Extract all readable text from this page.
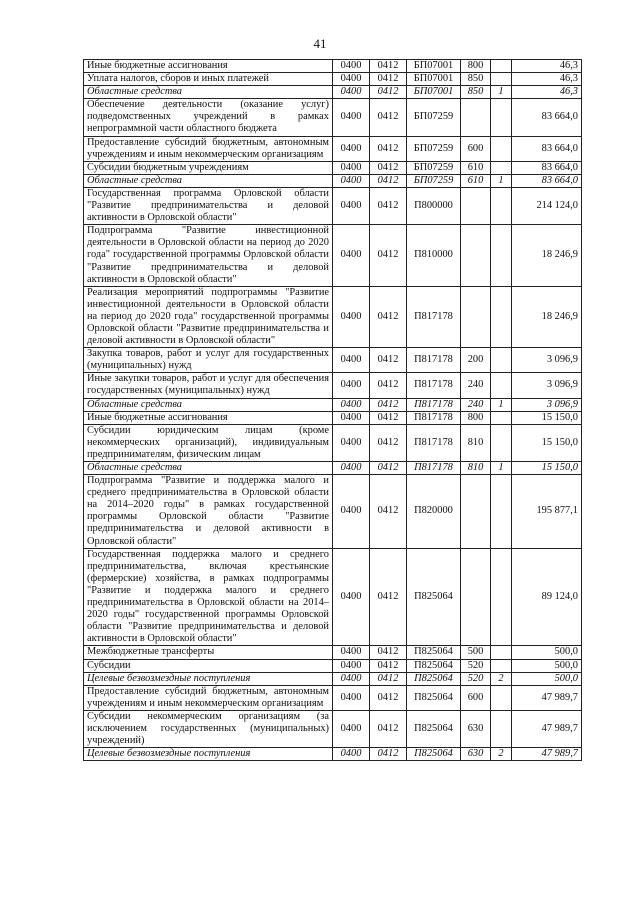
41
Иные бюджетные ассигнования	0400	0412	БП07001	800		46,3
Уплата налогов, сборов и иных платежей	0400	0412	БП07001	850		46,3
Областные средства	0400	0412	БП07001	850	1	46,3
Обеспечение деятельности (оказание услуг) подведомственных учреждений в рамках непрограммной части областного бюджета	0400	0412	БП07259			83 664,0
Предоставление субсидий бюджетным, автономным учреждениям и иным некоммерческим организациям	0400	0412	БП07259	600		83 664,0
Субсидии бюджетным учреждениям	0400	0412	БП07259	610		83 664,0
Областные средства	0400	0412	БП07259	610	1	83 664,0
Государственная программа Орловской области "Развитие предпринимательства и деловой активности в Орловской области"	0400	0412	П800000			214 124,0
Подпрограмма "Развитие инвестиционной деятельности в Орловской области на период до 2020 года" государственной программы Орловской области "Развитие предпринимательства и деловой активности в Орловской области"	0400	0412	П810000			18 246,9
Реализация мероприятий подпрограммы "Развитие инвестиционной деятельности в Орловской области на период до 2020 года" государственной программы Орловской области "Развитие предпринимательства и деловой активности в Орловской области"	0400	0412	П817178			18 246,9
Закупка товаров, работ и услуг для государственных (муниципальных) нужд	0400	0412	П817178	200		3 096,9
Иные закупки товаров, работ и услуг для обеспечения государственных (муниципальных) нужд	0400	0412	П817178	240		3 096,9
Областные средства	0400	0412	П817178	240	1	3 096,9
Иные бюджетные ассигнования	0400	0412	П817178	800		15 150,0
Субсидии юридическим лицам (кроме некоммерческих организаций), индивидуальным предпринимателям, физическим лицам	0400	0412	П817178	810		15 150,0
Областные средства	0400	0412	П817178	810	1	15 150,0
Подпрограмма "Развитие и поддержка малого и среднего предпринимательства в Орловской области на 2014–2020 годы" в рамках государственной программы Орловской области "Развитие предпринимательства и деловой активности в Орловской области"	0400	0412	П820000			195 877,1
Государственная поддержка малого и среднего предпринимательства, включая крестьянские (фермерские) хозяйства, в рамках подпрограммы "Развитие и поддержка малого и среднего предпринимательства в Орловской области на 2014–2020 годы" государственной программы Орловской области "Развитие предпринимательства и деловой активности в Орловской области"	0400	0412	П825064			89 124,0
Межбюджетные трансферты	0400	0412	П825064	500		500,0
Субсидии	0400	0412	П825064	520		500,0
Целевые безвозмездные поступления	0400	0412	П825064	520	2	500,0
Предоставление субсидий бюджетным, автономным учреждениям и иным некоммерческим организациям	0400	0412	П825064	600		47 989,7
Субсидии некоммерческим организациям (за исключением государственных (муниципальных) учреждений)	0400	0412	П825064	630		47 989,7
Целевые безвозмездные поступления	0400	0412	П825064	630	2	47 989,7
